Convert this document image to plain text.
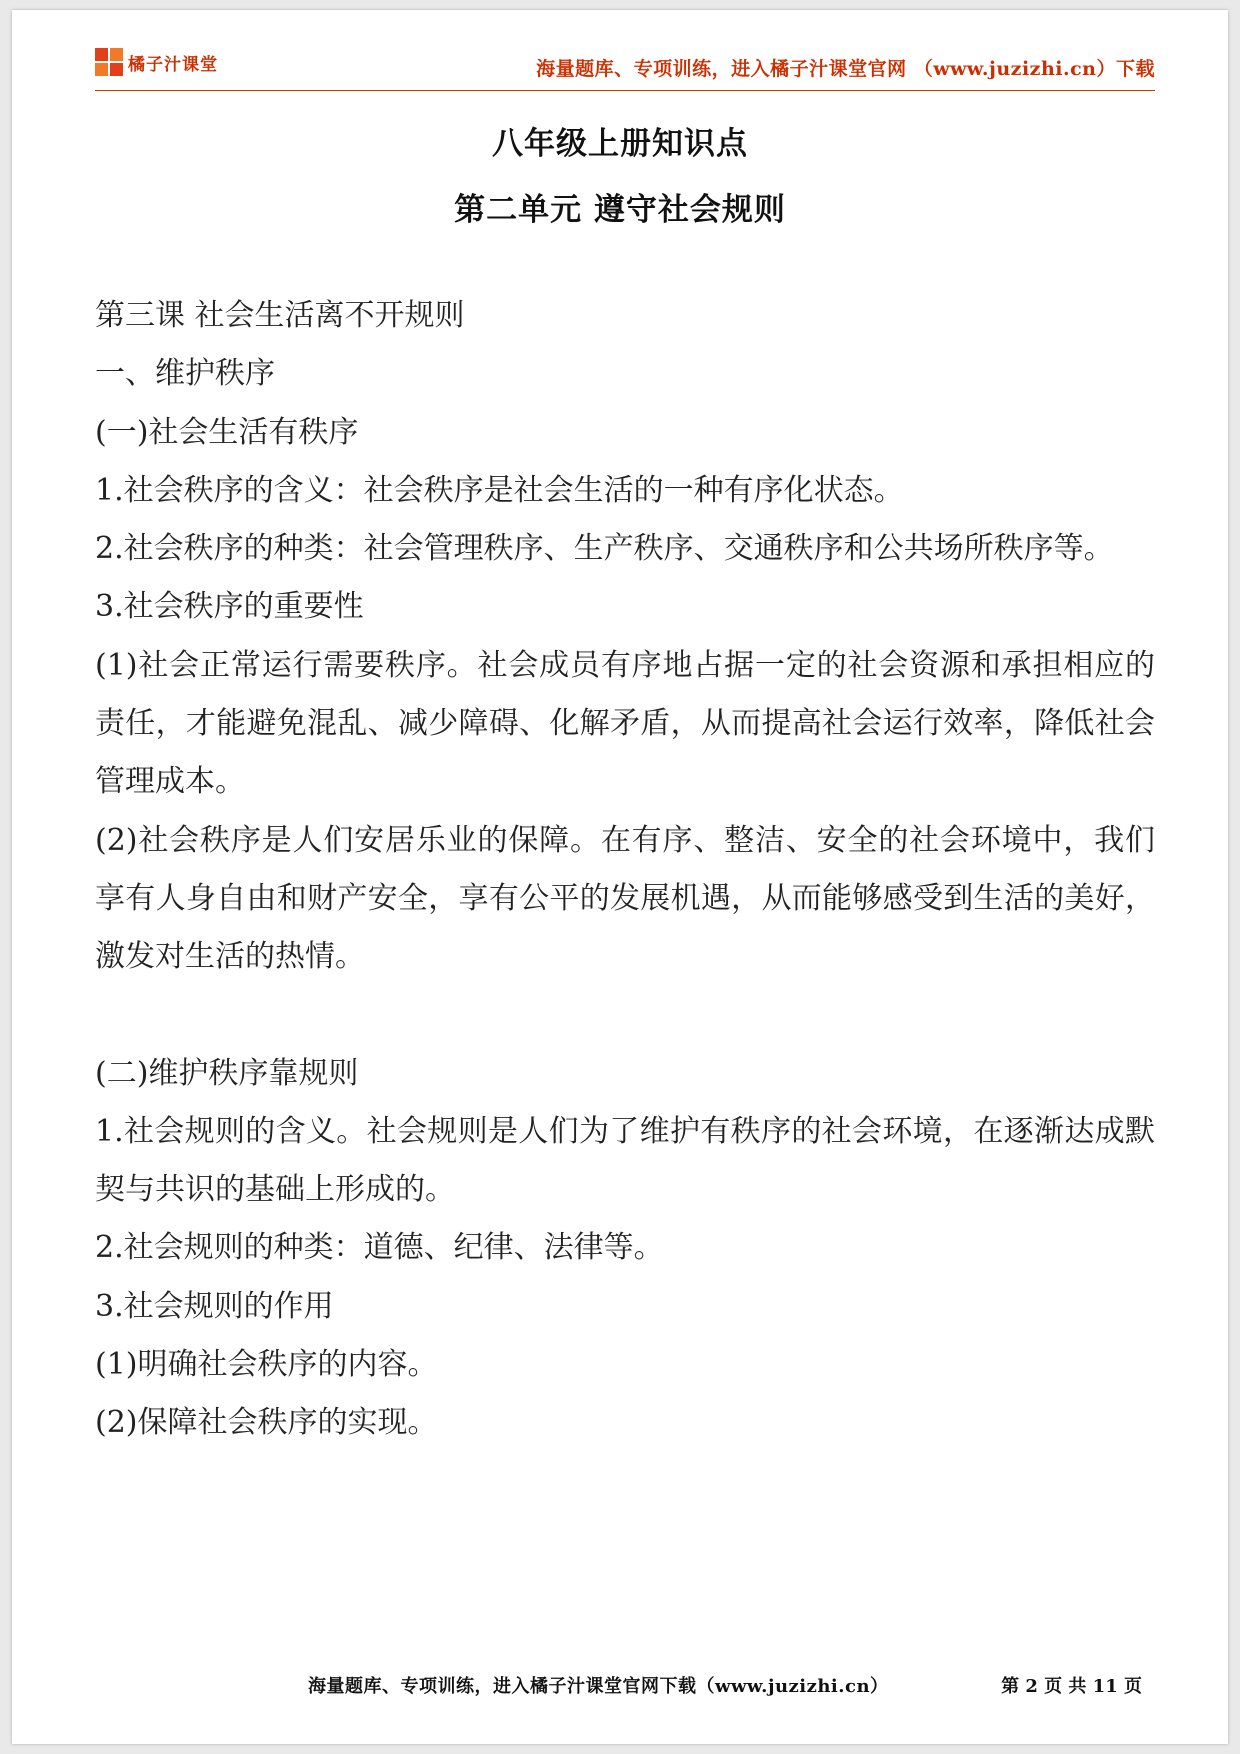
橘子汁课堂	海量题库、专项训练，进入橘子汁课堂官网 （www.juzizhi.cn）下载
八年级上册知识点
第二单元 遵守社会规则

第三课 社会生活离不开规则

一、维护秩序

(一)社会生活有秩序

1.社会秩序的含义：社会秩序是社会生活的一种有序化状态。

2.社会秩序的种类：社会管理秩序、生产秩序、交通秩序和公共场所秩序等。

3.社会秩序的重要性

(1)社会正常运行需要秩序。社会成员有序地占据一定的社会资源和承担相应的责任，才能避免混乱、减少障碍、化解矛盾，从而提高社会运行效率，降低社会管理成本。

(2)社会秩序是人们安居乐业的保障。在有序、整洁、安全的社会环境中，我们享有人身自由和财产安全，享有公平的发展机遇，从而能够感受到生活的美好，激发对生活的热情。

(二)维护秩序靠规则

1.社会规则的含义。社会规则是人们为了维护有秩序的社会环境，在逐渐达成默契与共识的基础上形成的。

2.社会规则的种类：道德、纪律、法律等。

3.社会规则的作用

(1)明确社会秩序的内容。

(2)保障社会秩序的实现。

海量题库、专项训练，进入橘子汁课堂官网下载（www.juzizhi.cn）	第 2 页 共 11 页
